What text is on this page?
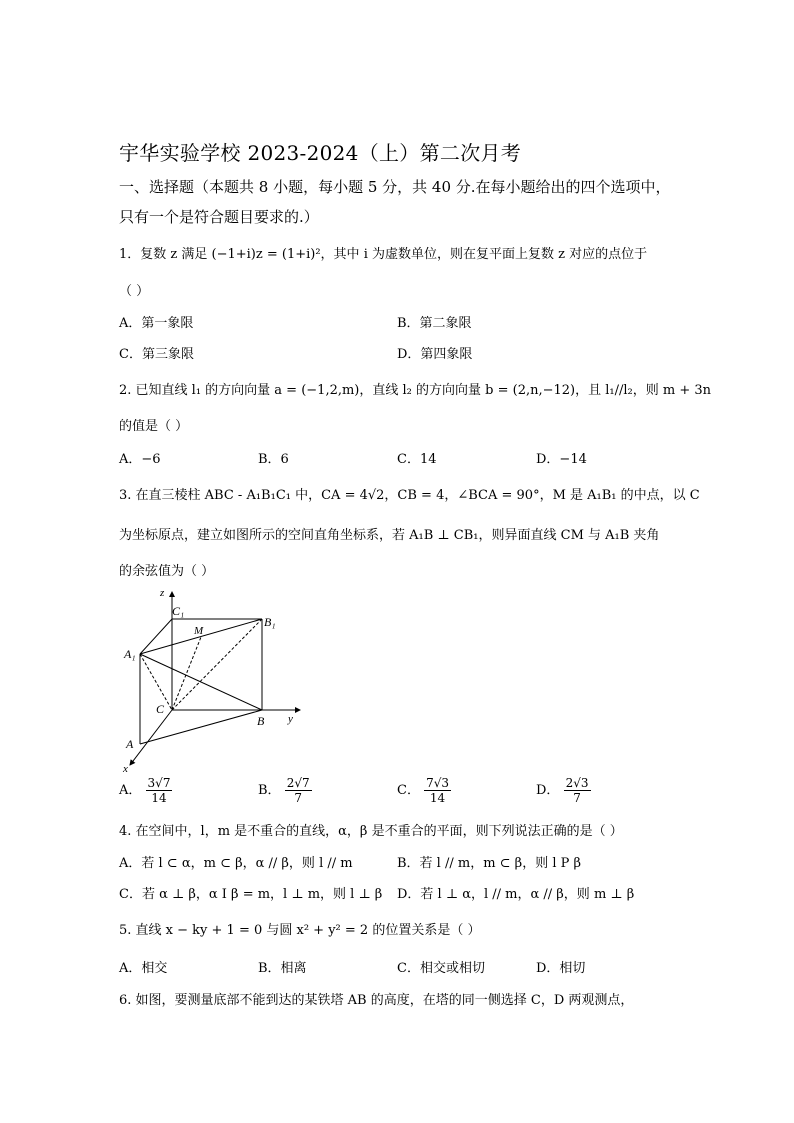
宇华实验学校 2023-2024（上）第二次月考
一、选择题（本题共 8 小题，每小题 5 分，共 40 分.在每小题给出的四个选项中，
只有一个是符合题目要求的.）
1．复数 z 满足 (−1+i)z = (1+i)²，其中 i 为虚数单位，则在复平面上复数 z 对应的点位于
（ ）
A．第一象限	B．第二象限
C．第三象限	D．第四象限
2. 已知直线 l₁ 的方向向量 a = (−1,2,m)，直线 l₂ 的方向向量 b = (2,n,−12)，且 l₁//l₂，则 m + 3n
的值是（ ）
A．−6	B．6	C．14	D．−14
3. 在直三棱柱 ABC - A₁B₁C₁ 中，CA = 4√2，CB = 4，∠BCA = 90°，M 是 A₁B₁ 的中点，以 C
为坐标原点，建立如图所示的空间直角坐标系，若 A₁B ⊥ CB₁，则异面直线 CM 与 A₁B 夹角
的余弦值为（ ）
z
y
x
C₁
B₁
A₁
M
C
B
A
A． $\frac{3√7}{14}$	B． $\frac{2√7}{7}$	C． $\frac{7√3}{14}$	D． $\frac{2√3}{7}$
4. 在空间中，l，m 是不重合的直线，α，β 是不重合的平面，则下列说法正确的是（ ）
A．若 l ⊂ α，m ⊂ β，α // β，则 l // m	B．若 l // m，m ⊂ β，则 l P β
C．若 α ⊥ β，α I β = m，l ⊥ m，则 l ⊥ β D．若 l ⊥ α，l // m，α // β，则 m ⊥ β
5. 直线 x − ky + 1 = 0 与圆 x² + y² = 2 的位置关系是（ ）
A．相交	B．相离	C．相交或相切	D．相切
6. 如图，要测量底部不能到达的某铁塔 AB 的高度，在塔的同一侧选择 C，D 两观测点，
